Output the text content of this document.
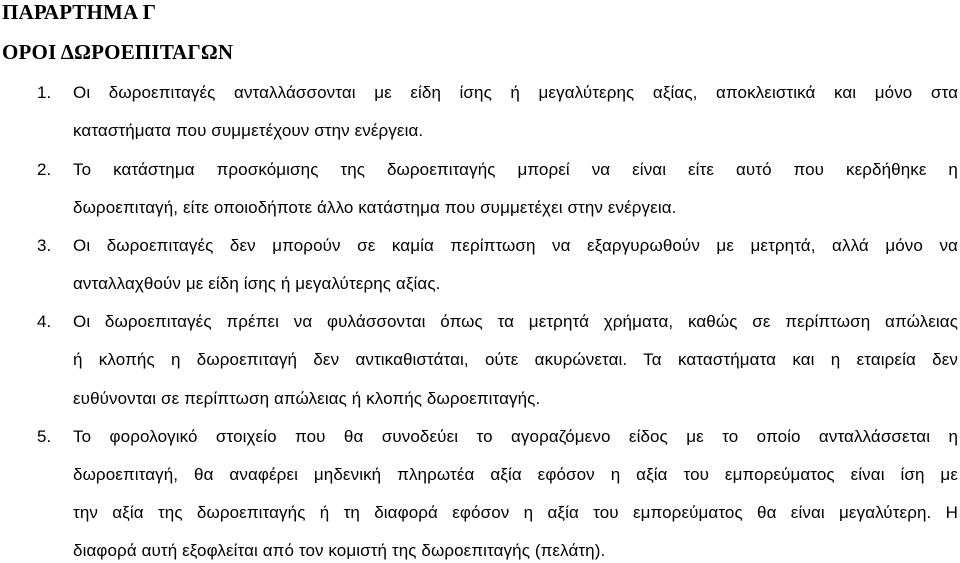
ΠΑΡΑΡΤΗΜΑ Γ
ΟΡΟΙ ΔΩΡΟΕΠΙΤΑΓΩΝ
1. Οι δωροεπιταγές ανταλλάσσονται με είδη ίσης ή μεγαλύτερης αξίας, αποκλειστικά και μόνο στα
καταστήματα που συμμετέχουν στην ενέργεια.
2. Το κατάστημα προσκόμισης της δωροεπιταγής μπορεί να είναι είτε αυτό που κερδήθηκε η
δωροεπιταγή, είτε οποιοδήποτε άλλο κατάστημα που συμμετέχει στην ενέργεια.
3. Οι δωροεπιταγές δεν μπορούν σε καμία περίπτωση να εξαργυρωθούν με μετρητά, αλλά μόνο να
ανταλλαχθούν με είδη ίσης ή μεγαλύτερης αξίας.
4. Οι δωροεπιταγές πρέπει να φυλάσσονται όπως τα μετρητά χρήματα, καθώς σε περίπτωση απώλειας
ή κλοπής η δωροεπιταγή δεν αντικαθιστάται, ούτε ακυρώνεται. Τα καταστήματα και η εταιρεία δεν
ευθύνονται σε περίπτωση απώλειας ή κλοπής δωροεπιταγής.
5. Το φορολογικό στοιχείο που θα συνοδεύει το αγοραζόμενο είδος με το οποίο ανταλλάσσεται η
δωροεπιταγή, θα αναφέρει μηδενική πληρωτέα αξία εφόσον η αξία του εμπορεύματος είναι ίση με
την αξία της δωροεπιταγής ή τη διαφορά εφόσον η αξία του εμπορεύματος θα είναι μεγαλύτερη. Η
διαφορά αυτή εξοφλείται από τον κομιστή της δωροεπιταγής (πελάτη).
